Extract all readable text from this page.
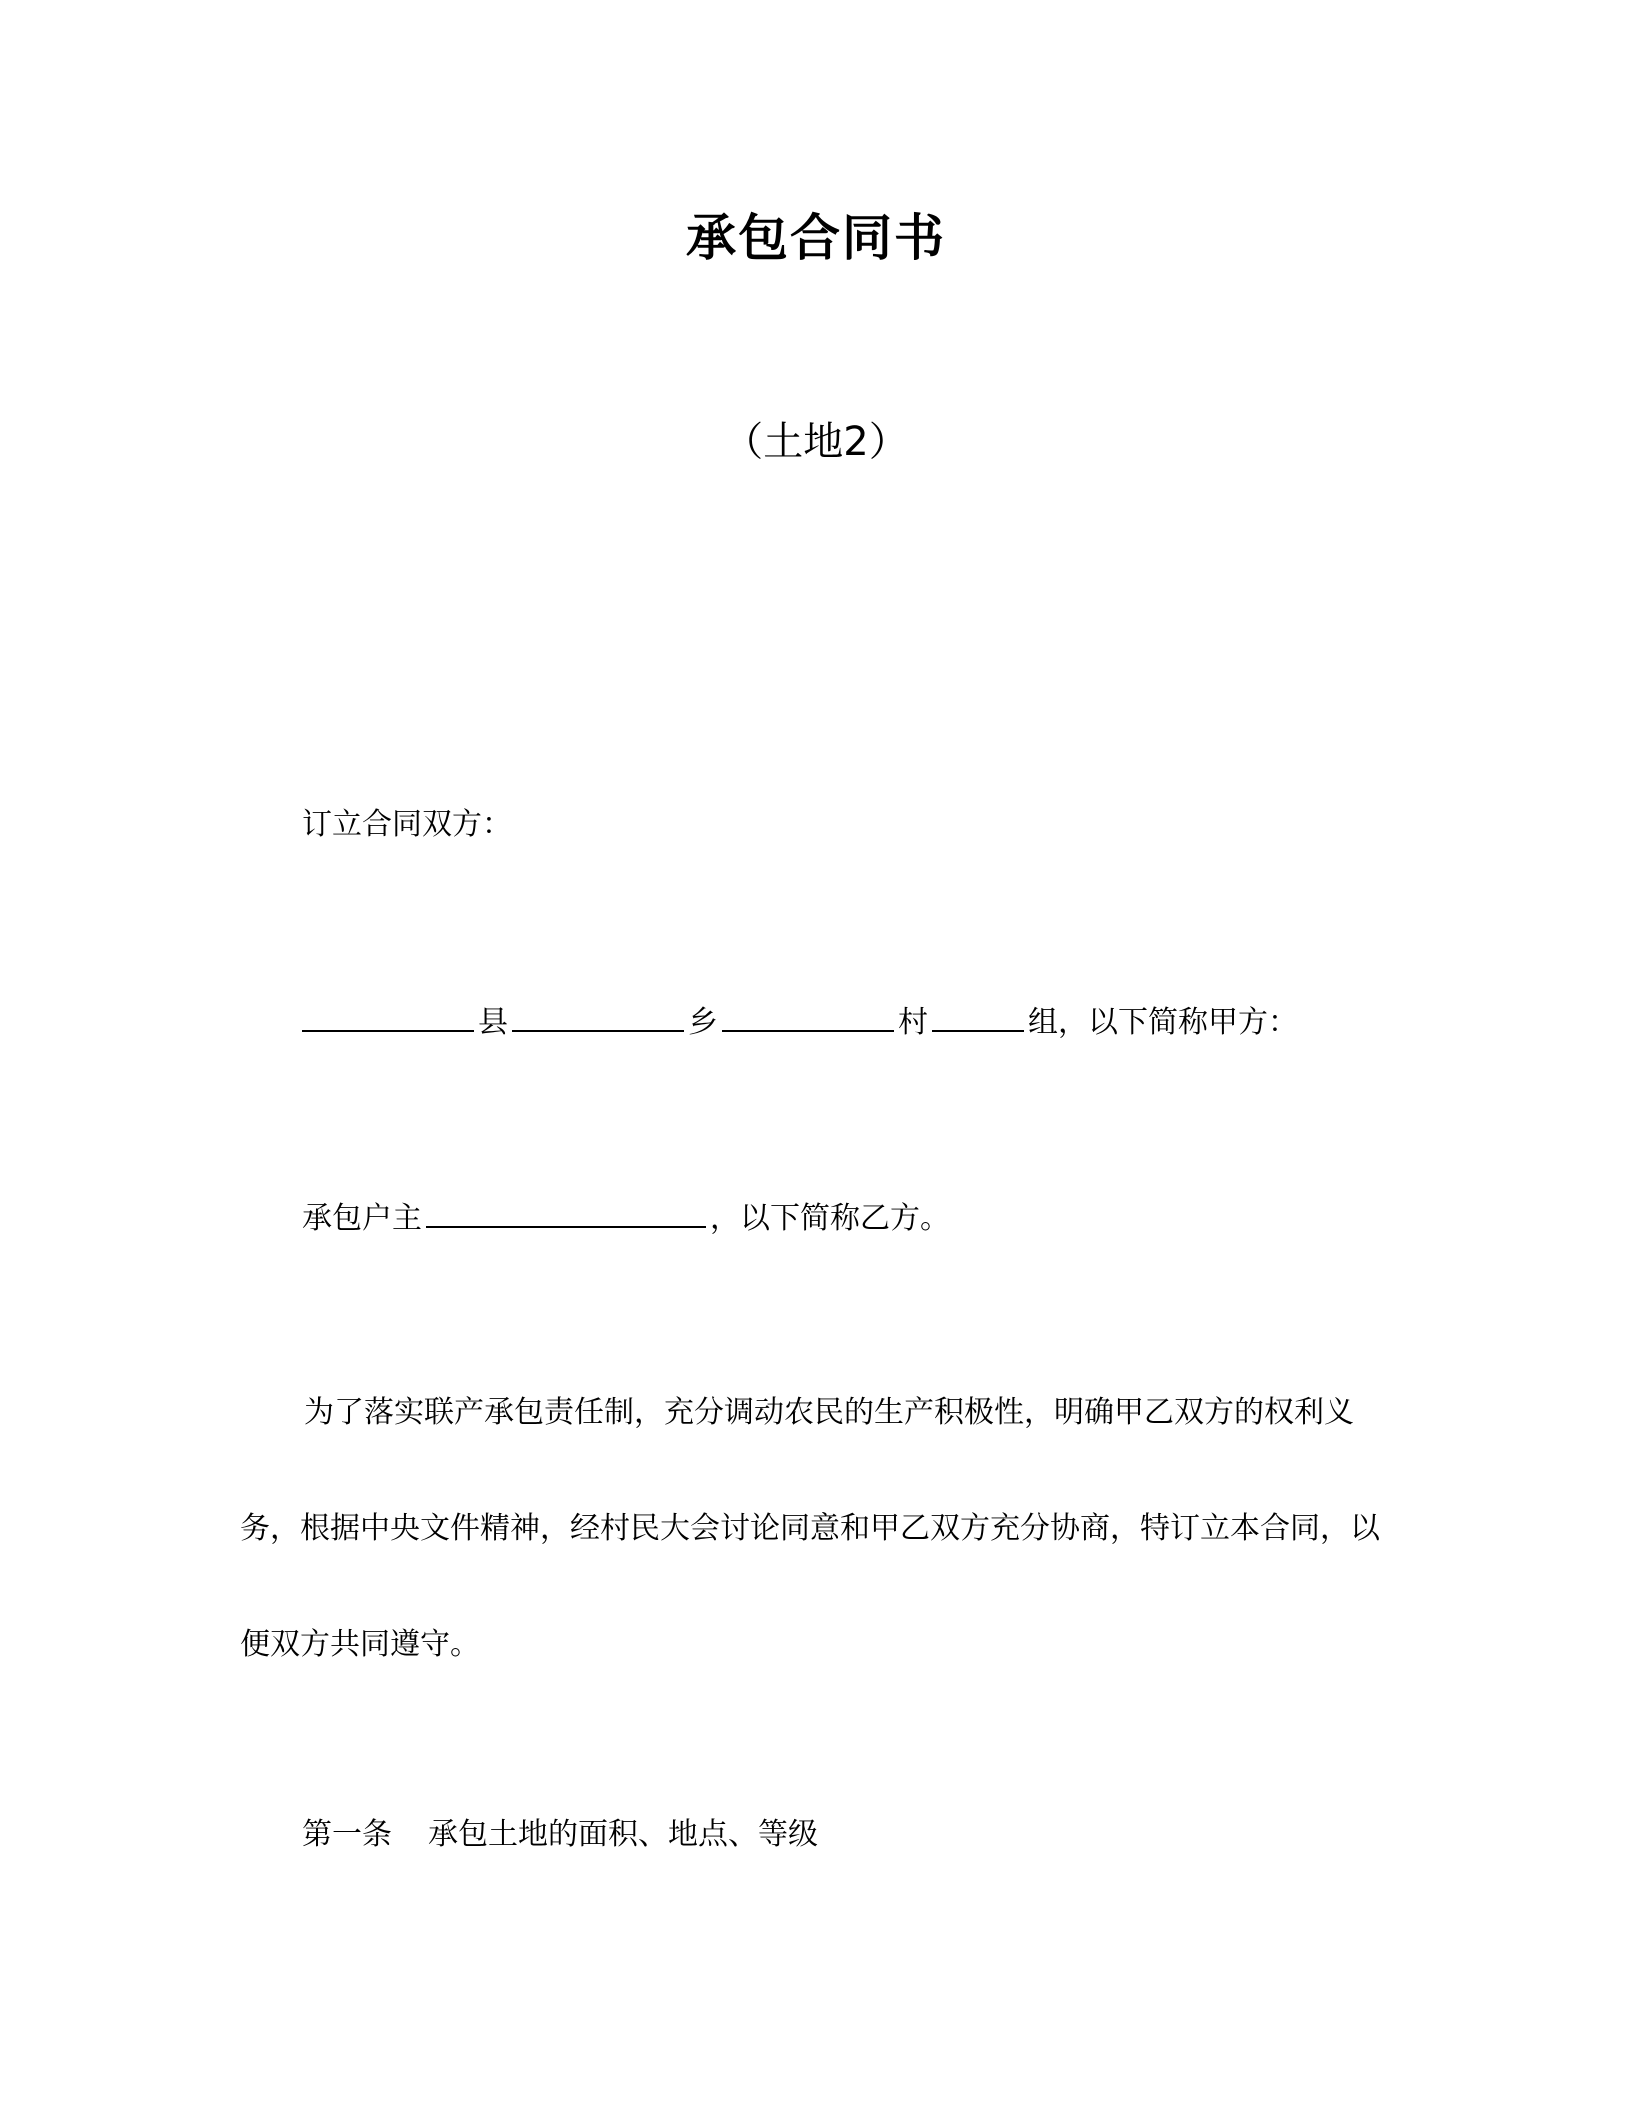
承包合同书
（土地2）
订立合同双方：
县	乡	村	组，以下简称甲方：
承包户主	，以下简称乙方。
为了落实联产承包责任制，充分调动农民的生产积极性，明确甲乙双方的权利义务，根据中央文件精神，经村民大会讨论同意和甲乙双方充分协商，特订立本合同，以便双方共同遵守。
第一条 承包土地的面积、地点、等级
